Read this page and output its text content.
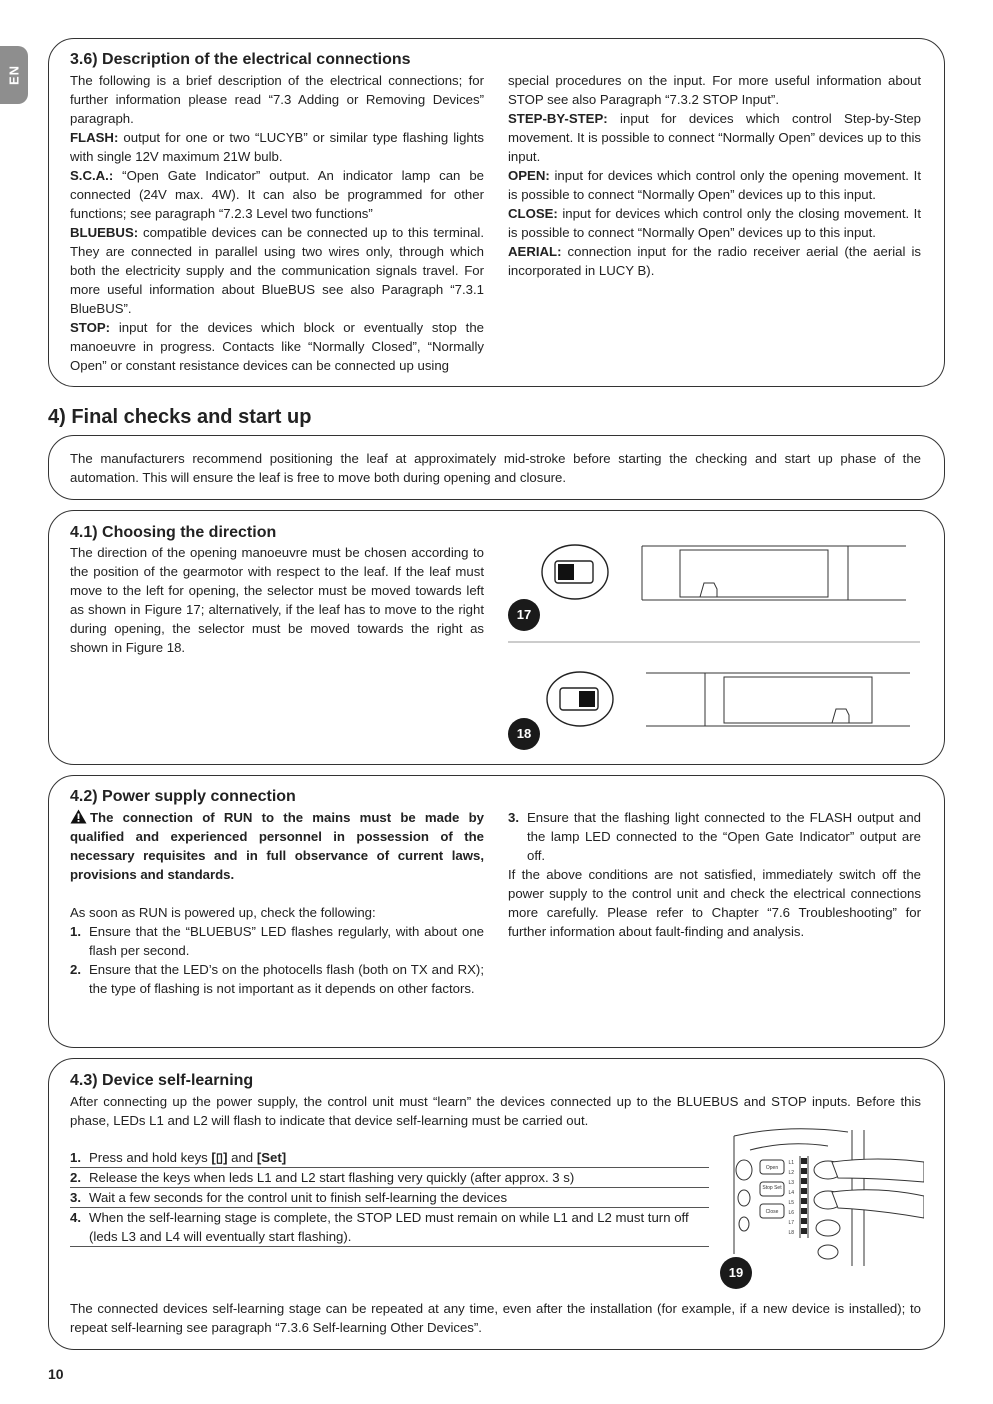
EN
3.6) Description of the electrical connections

The following is a brief description of the electrical connections; for further information please read “7.3 Adding or Removing Devices” paragraph.

FLASH: output for one or two “LUCYB” or similar type flashing lights with single 12V maximum 21W bulb.

S.C.A.: “Open Gate Indicator” output. An indicator lamp can be connected (24V max. 4W). It can also be programmed for other functions; see paragraph “7.2.3 Level two functions”

BLUEBUS: compatible devices can be connected up to this terminal. They are connected in parallel using two wires only, through which both the electricity supply and the communication signals travel. For more useful information about BlueBUS see also Paragraph “7.3.1 BlueBUS”.

STOP: input for the devices which block or eventually stop the manoeuvre in progress. Contacts like “Normally Closed”, “Normally Open” or constant resistance devices can be connected up using

special procedures on the input. For more useful information about STOP see also Paragraph “7.3.2 STOP Input”.

STEP-BY-STEP: input for devices which control Step-by-Step movement. It is possible to connect “Normally Open” devices up to this input.

OPEN: input for devices which control only the opening movement. It is possible to connect “Normally Open” devices up to this input.

CLOSE: input for devices which control only the closing movement. It is possible to connect “Normally Open” devices up to this input.

AERIAL: connection input for the radio receiver aerial (the aerial is incorporated in LUCY B).

4) Final checks and start up

The manufacturers recommend positioning the leaf at approximately mid-stroke before starting the checking and start up phase of the automation. This will ensure the leaf is free to move both during opening and closure.

4.1) Choosing the direction

The direction of the opening manoeuvre must be chosen according to the position of the gearmotor with respect to the leaf. If the leaf must move to the left for opening, the selector must be moved towards left as shown in Figure 17; alternatively, if the leaf has to move to the right during opening, the selector must be moved towards the right as shown in Figure 18.

17
18
4.2) Power supply connection

The connection of RUN to the mains must be made by qualified and experienced personnel in possession of the necessary requisites and in full observance of current laws, provisions and standards.

As soon as RUN is powered up, check the following:

1. Ensure that the “BLUEBUS” LED flashes regularly, with about one flash per second.
2. Ensure that the LED’s on the photocells flash (both on TX and RX); the type of flashing is not important as it depends on other factors.
3. Ensure that the flashing light connected to the FLASH output and the lamp LED connected to the “Open Gate Indicator” output are off.

If the above conditions are not satisfied, immediately switch off the power supply to the control unit and check the electrical connections more carefully. Please refer to Chapter “7.6 Troubleshooting” for further information about fault-finding and analysis.

4.3) Device self-learning

After connecting up the power supply, the control unit must “learn” the devices connected up to the BLUEBUS and STOP inputs. Before this phase, LEDs L1 and L2 will flash to indicate that device self-learning must be carried out.

1. Press and hold keys [▯] and [Set]
2. Release the keys when leds L1 and L2 start flashing very quickly (after approx. 3 s)
3. Wait a few seconds for the control unit to finish self-learning the devices
4. When the self-learning stage is complete, the STOP LED must remain on while L1 and L2 must turn off (leds L3 and L4 will eventually start flashing).
Open
Stop Set
Close
L1
L2
L3
L4
L5
L6
L7
L8
19

The connected devices self-learning stage can be repeated at any time, even after the installation (for example, if a new device is installed); to repeat self-learning see paragraph “7.3.6 Self-learning Other Devices”.

10
